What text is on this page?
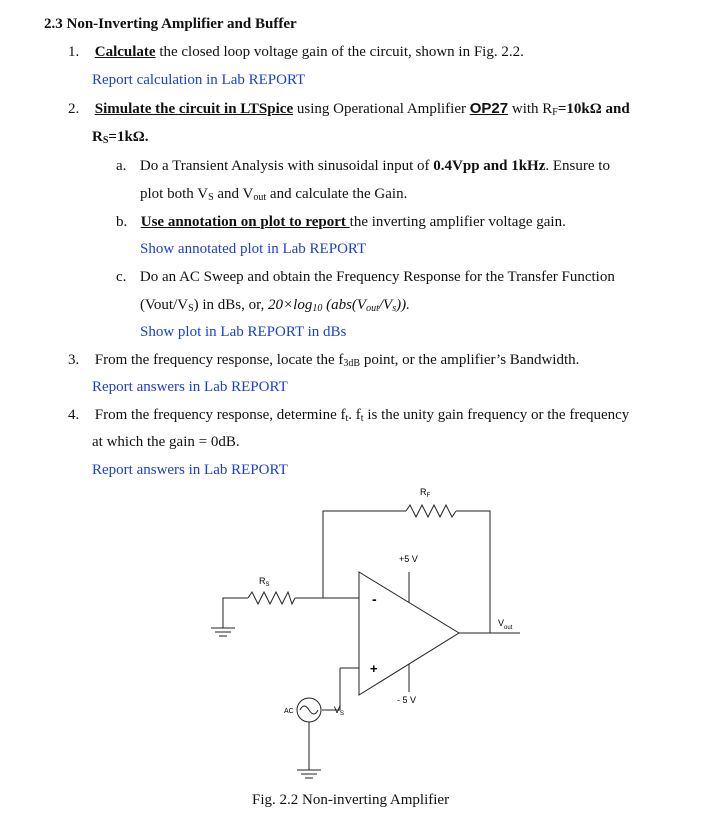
2.3 Non-Inverting Amplifier and Buffer
1. Calculate the closed loop voltage gain of the circuit, shown in Fig. 2.2.
Report calculation in Lab REPORT
2. Simulate the circuit in LTSpice using Operational Amplifier OP27 with $R_F=10k\Omega$ and
$R_S=1k\Omega$.
a. Do a Transient Analysis with sinusoidal input of 0.4Vpp and 1kHz. Ensure to
plot both $V_S$ and $V_{out}$ and calculate the Gain.
b. Use annotation on plot to report the inverting amplifier voltage gain.
Show annotated plot in Lab REPORT
c. Do an AC Sweep and obtain the Frequency Response for the Transfer Function
$(Vout/V_S)$ in dBs, or, $20\times\log_{10}$ $(abs(V_{out}/V_s))$.
Show plot in Lab REPORT in dBs
3. From the frequency response, locate the $f_{3dB}$ point, or the amplifier’s Bandwidth.
Report answers in Lab REPORT
4. From the frequency response, determine $f_t$. $f_t$ is the unity gain frequency or the frequency
at which the gain = 0dB.
Report answers in Lab REPORT
$R_F$
$R_S$
+5 V
- 5 V
-
+
$V_{out}$
AC	$V_S$
Fig. 2.2 Non-inverting Amplifier
